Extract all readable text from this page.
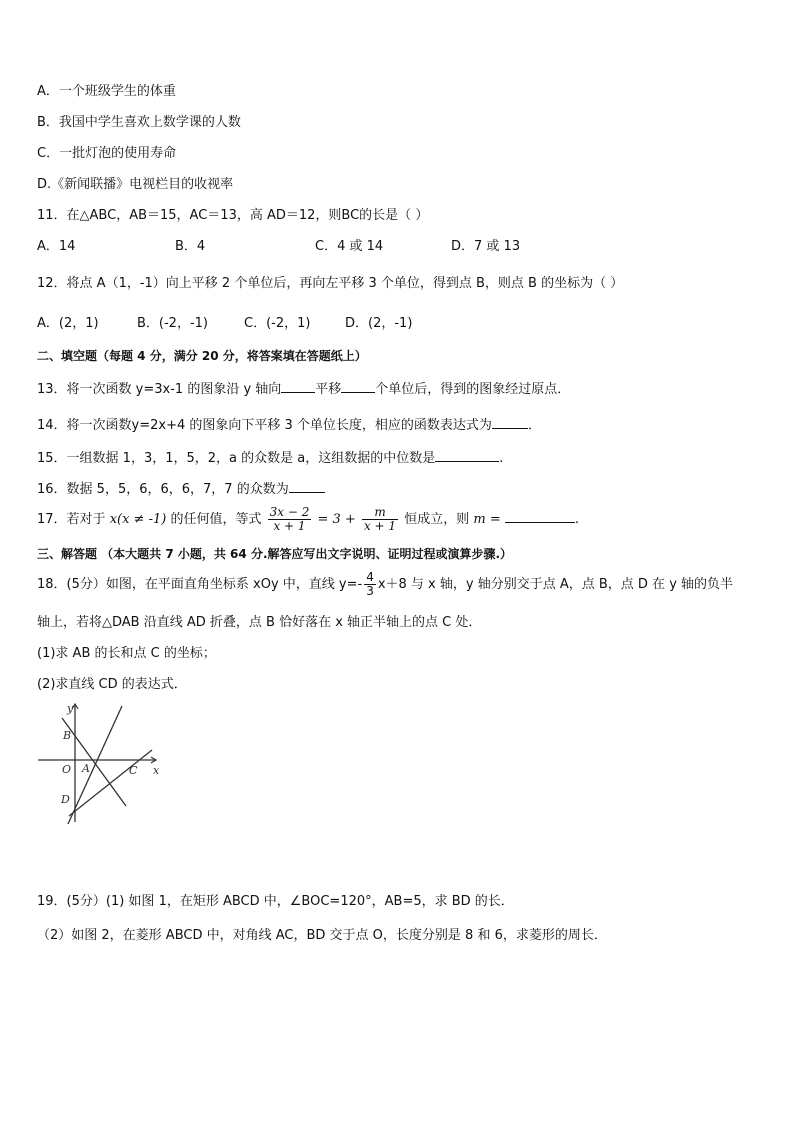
A．一个班级学生的体重
B．我国中学生喜欢上数学课的人数
C．一批灯泡的使用寿命
D.《新闻联播》电视栏目的收视率
11．在△ABC，AB＝15，AC＝13，高 AD＝12，则BC的长是（ ）
A．14	B．4	C．4 或 14	D．7 或 13
12．将点 A（1，-1）向上平移 2 个单位后，再向左平移 3 个单位，得到点 B，则点 B 的坐标为（ ）
A．(2，1)	B．(-2，-1)	C．(-2，1)	D．(2，-1)
二、填空题（每题 4 分，满分 20 分，将答案填在答题纸上）
13．将一次函数 y=3x-1 的图象沿 y 轴向	平移	个单位后，得到的图象经过原点．
14．将一次函数y=2x+4 的图象向下平移 3 个单位长度，相应的函数表达式为	．
15．一组数据 1，3，1，5，2，a 的众数是 a，这组数据的中位数是	.
16．数据 5，5，6，6，6，7，7 的众数为
17．若对于 x(x ≠ -1) 的任何值，等式 $\frac{3x - 2}{x + 1} = 3 + \frac{m}{x + 1}$ 恒成立，则 m =	.
三、解答题 （本大题共 7 小题，共 64 分.解答应写出文字说明、证明过程或演算步骤.）
18．(5分）如图，在平面直角坐标系 xOy 中，直线 $y=- \frac{4}{3} x+8$ 与 x 轴，y 轴分别交于点 A，点 B，点 D 在 y 轴的负半
轴上，若将△DAB 沿直线 AD 折叠，点 B 恰好落在 x 轴正半轴上的点 C 处．
(1)求 AB 的长和点 C 的坐标；
(2)求直线 CD 的表达式．
y
x
B
O A	C
D
19．(5分）(1) 如图 1，在矩形 ABCD 中，∠BOC=120°，AB=5，求 BD 的长．
（2）如图 2，在菱形 ABCD 中，对角线 AC，BD 交于点 O，长度分别是 8 和 6，求菱形的周长．
